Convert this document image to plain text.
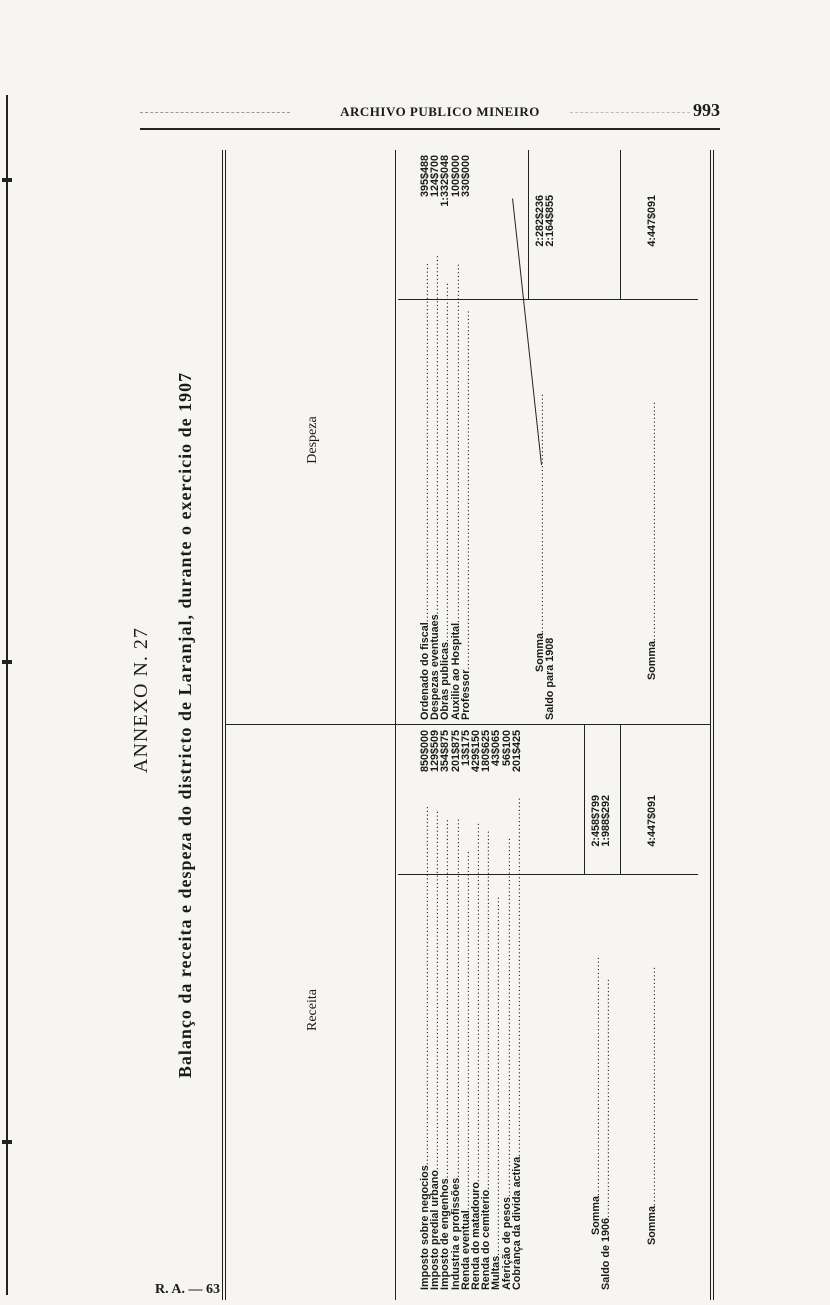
ARCHIVO PUBLICO MINEIRO	993
R. A. — 63
ANNEXO N. 27 Balanço da receita e despeza do districto de Laranjal, durante o exercicio de 1907	Receita
Despeza
Imposto sobre negocios................................................................................................
850$000
Imposto predial urbano................................................................................................
129$509
Imposto de engenhos................................................................................................
354$875
Industria e profissões................................................................................................
201$875
Renda eventual................................................................................................
13$175
Renda do matadouro................................................................................................
429$150
Renda do cemiterio................................................................................................
180$625
Multas................................................................................................
43$065
Aferição de pesos................................................................................................
56$100
Cobrança da divida activa................................................................................................
201$425
Ordenado do fiscal................................................................................................
395$488
Despezas eventuaes................................................................................................
124$700
Obras publicas................................................................................................
1:332$048
Auxilio ao Hospital................................................................................................
100$000
Professor................................................................................................
330$000
Somma................................................................
Saldo de 1906................................................................
2:458$799
1:988$292
Somma................................................................
4:447$091
Somma................................................................
Saldo para 1908
2:282$236
2:164$855
Somma................................................................
4:447$091
